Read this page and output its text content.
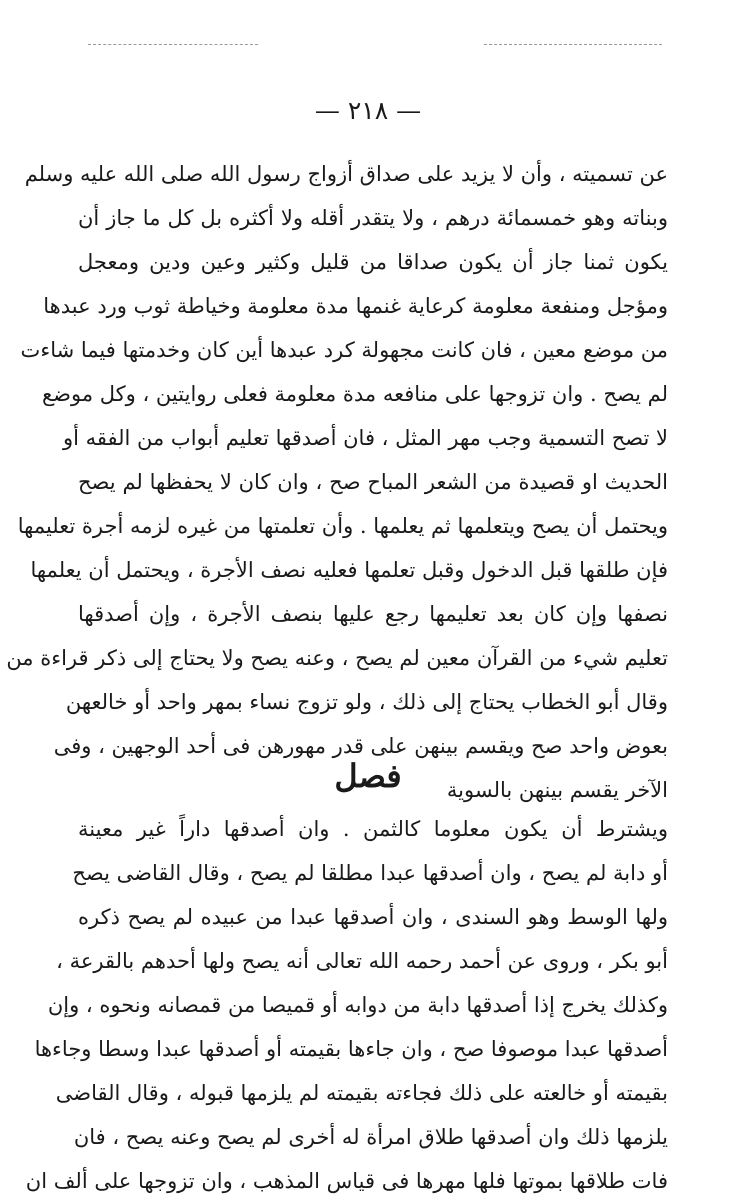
— ٢١٨ —
عن تسميته ، وأن لا يزيد على صداق أزواج رسول الله صلى الله عليه وسلم
وبناته وهو خمسمائة درهم ، ولا يتقدر أقله ولا أكثره بل كل ما جاز أن
يكون ثمنا جاز أن يكون صداقا من قليل وكثير وعين ودين ومعجل
ومؤجل ومنفعة معلومة كرعاية غنمها مدة معلومة وخياطة ثوب ورد عبدها
من موضع معين ، فان كانت مجهولة كرد عبدها أين كان وخدمتها فيما شاءت
لم يصح . وان تزوجها على منافعه مدة معلومة فعلى روايتين ، وكل موضع
لا تصح التسمية وجب مهر المثل ، فان أصدقها تعليم أبواب من الفقه أو
الحديث او قصيدة من الشعر المباح صح ، وان كان لا يحفظها لم يصح
ويحتمل أن يصح ويتعلمها ثم يعلمها . وأن تعلمتها من غيره لزمه أجرة تعليمها
فإن طلقها قبل الدخول وقبل تعلمها فعليه نصف الأجرة ، ويحتمل أن يعلمها
نصفها وإن كان بعد تعليمها رجع عليها بنصف الأجرة ، وإن أصدقها
تعليم شيء من القرآن معين لم يصح ، وعنه يصح ولا يحتاج إلى ذكر قراءة من
وقال أبو الخطاب يحتاج إلى ذلك ، ولو تزوج نساء بمهر واحد أو خالعهن
بعوض واحد صح ويقسم بينهن على قدر مهورهن فى أحد الوجهين ، وفى
الآخر يقسم بينهن بالسوية
فصل
ويشترط أن يكون معلوما كالثمن . وان أصدقها داراً غير معينة
أو دابة لم يصح ، وان أصدقها عبدا مطلقا لم يصح ، وقال القاضى يصح
ولها الوسط وهو السندى ، وان أصدقها عبدا من عبيده لم يصح ذكره
أبو بكر ، وروى عن أحمد رحمه الله تعالى أنه يصح ولها أحدهم بالقرعة ،
وكذلك يخرج إذا أصدقها دابة من دوابه أو قميصا من قمصانه ونحوه ، وإن
أصدقها عبدا موصوفا صح ، وان جاءها بقيمته أو أصدقها عبدا وسطا وجاءها
بقيمته أو خالعته على ذلك فجاءته بقيمته لم يلزمها قبوله ، وقال القاضى
يلزمها ذلك وان أصدقها طلاق امرأة له أخرى لم يصح وعنه يصح ، فان
فات طلاقها بموتها فلها مهرها فى قياس المذهب ، وان تزوجها على ألف ان
